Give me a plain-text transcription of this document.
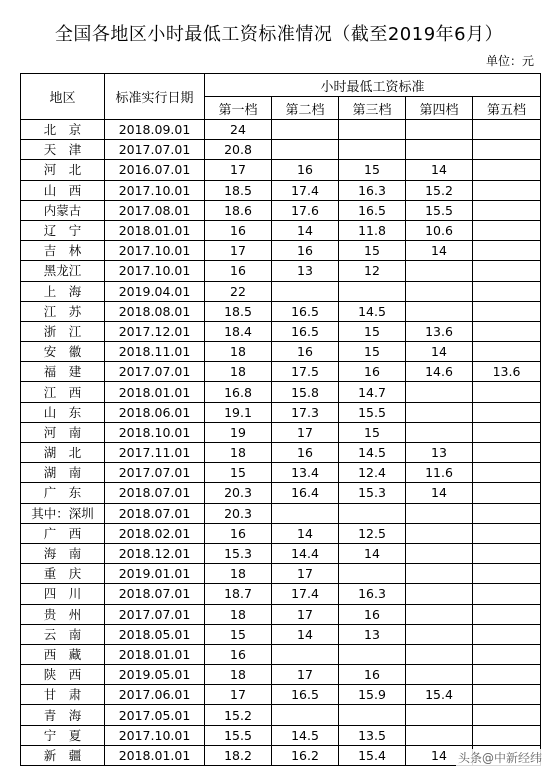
全国各地区小时最低工资标准情况（截至2019年6月）
单位：元
地区	标准实行日期	小时最低工资标准				
		第一档	第二档	第三档	第四档	第五档
北　京	2018.09.01	24				
天　津	2017.07.01	20.8				
河　北	2016.07.01	17	16	15	14	
山　西	2017.10.01	18.5	17.4	16.3	15.2	
内蒙古	2017.08.01	18.6	17.6	16.5	15.5	
辽　宁	2018.01.01	16	14	11.8	10.6	
吉　林	2017.10.01	17	16	15	14	
黑龙江	2017.10.01	16	13	12		
上　海	2019.04.01	22				
江　苏	2018.08.01	18.5	16.5	14.5		
浙　江	2017.12.01	18.4	16.5	15	13.6	
安　徽	2018.11.01	18	16	15	14	
福　建	2017.07.01	18	17.5	16	14.6	13.6
江　西	2018.01.01	16.8	15.8	14.7		
山　东	2018.06.01	19.1	17.3	15.5		
河　南	2018.10.01	19	17	15		
湖　北	2017.11.01	18	16	14.5	13	
湖　南	2017.07.01	15	13.4	12.4	11.6	
广　东	2018.07.01	20.3	16.4	15.3	14	
其中：深圳	2018.07.01	20.3				
广　西	2018.02.01	16	14	12.5		
海　南	2018.12.01	15.3	14.4	14		
重　庆	2019.01.01	18	17			
四　川	2018.07.01	18.7	17.4	16.3		
贵　州	2017.07.01	18	17	16		
云　南	2018.05.01	15	14	13		
西　藏	2018.01.01	16				
陕　西	2019.05.01	18	17	16		
甘　肃	2017.06.01	17	16.5	15.9	15.4	
青　海	2017.05.01	15.2				
宁　夏	2017.10.01	15.5	14.5	13.5		
新　疆	2018.01.01	18.2	16.2	15.4	14	头条@中新经纬
